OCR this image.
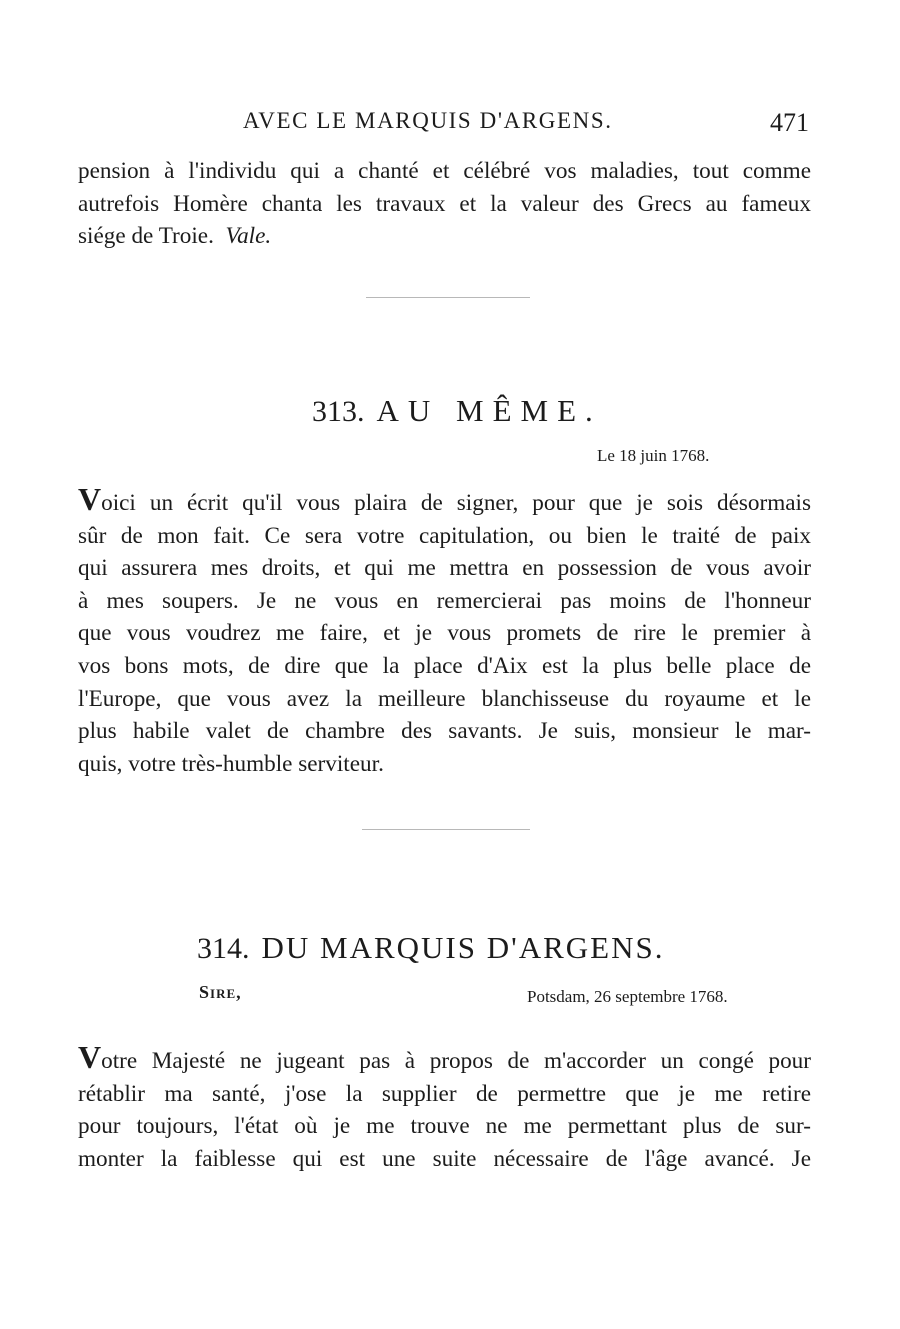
AVEC LE MARQUIS D'ARGENS.	471
pension à l'individu qui a chanté et célébré vos maladies, tout comme
autrefois Homère chanta les travaux et la valeur des Grecs au fameux
siége de Troie. Vale.
313. AU MÊME.
Le 18 juin 1768.
Voici un écrit qu'il vous plaira de signer, pour que je sois désormais
sûr de mon fait. Ce sera votre capitulation, ou bien le traité de paix
qui assurera mes droits, et qui me mettra en possession de vous avoir
à mes soupers. Je ne vous en remercierai pas moins de l'honneur
que vous voudrez me faire, et je vous promets de rire le premier à
vos bons mots, de dire que la place d'Aix est la plus belle place de
l'Europe, que vous avez la meilleure blanchisseuse du royaume et le
plus habile valet de chambre des savants. Je suis, monsieur le mar-
quis, votre très-humble serviteur.
314. DU MARQUIS D'ARGENS.
Potsdam, 26 septembre 1768.
Sire,
Votre Majesté ne jugeant pas à propos de m'accorder un congé pour
rétablir ma santé, j'ose la supplier de permettre que je me retire
pour toujours, l'état où je me trouve ne me permettant plus de sur-
monter la faiblesse qui est une suite nécessaire de l'âge avancé. Je
